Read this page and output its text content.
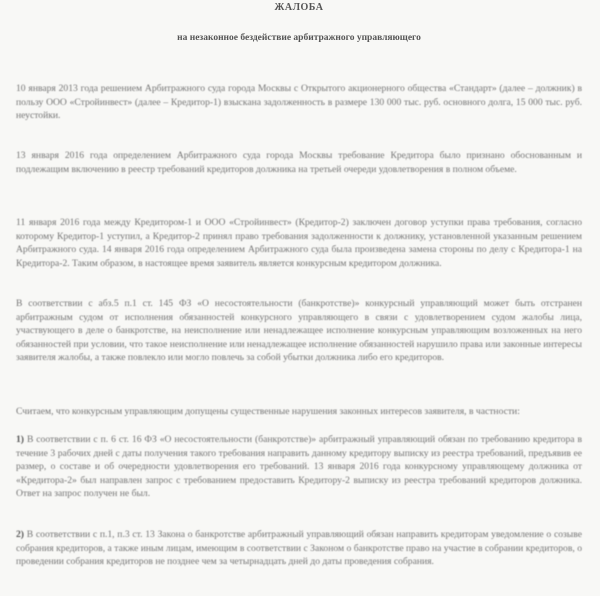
ЖАЛОБА
на незаконное бездействие арбитражного управляющего
10 января 2013 года решением Арбитражного суда города Москвы с Открытого акционерного общества «Стандарт» (далее – должник) в пользу ООО «Стройинвест» (далее – Кредитор-1) взыскана задолженность в размере 130 000 тыс. руб. основного долга, 15 000 тыс. руб. неустойки.
13 января 2016 года определением Арбитражного суда города Москвы требование Кредитора было признано обоснованным и подлежащим включению в реестр требований кредиторов должника на третьей очереди удовлетворения в полном объеме.
11 января 2016 года между Кредитором-1 и ООО «Стройинвест» (Кредитор-2) заключен договор уступки права требования, согласно которому Кредитор-1 уступил, а Кредитор-2 принял право требования задолженности к должнику, установленной указанным решением Арбитражного суда. 14 января 2016 года определением Арбитражного суда была произведена замена стороны по делу с Кредитора-1 на Кредитора-2. Таким образом, в настоящее время заявитель является конкурсным кредитором должника.
В соответствии с абз.5 п.1 ст. 145 ФЗ «О несостоятельности (банкротстве)» конкурсный управляющий может быть отстранен арбитражным судом от исполнения обязанностей конкурсного управляющего в связи с удовлетворением судом жалобы лица, участвующего в деле о банкротстве, на неисполнение или ненадлежащее исполнение конкурсным управляющим возложенных на него обязанностей при условии, что такое неисполнение или ненадлежащее исполнение обязанностей нарушило права или законные интересы заявителя жалобы, а также повлекло или могло повлечь за собой убытки должника либо его кредиторов.
Считаем, что конкурсным управляющим допущены существенные нарушения законных интересов заявителя, в частности:
1) В соответствии с п. 6 ст. 16 ФЗ «О несостоятельности (банкротстве)» арбитражный управляющий обязан по требованию кредитора в течение 3 рабочих дней с даты получения такого требования направить данному кредитору выписку из реестра требований, предъявив ее размер, о составе и об очередности удовлетворения его требований. 13 января 2016 года конкурсному управляющему должника от «Кредитора-2» был направлен запрос с требованием предоставить Кредитору-2 выписку из реестра требований кредиторов должника. Ответ на запрос получен не был.
2) В соответствии с п.1, п.3 ст. 13 Закона о банкротстве арбитражный управляющий обязан направить кредиторам уведомление о созыве собрания кредиторов, а также иным лицам, имеющим в соответствии с Законом о банкротстве право на участие в собрании кредиторов, о проведении собрания кредиторов не позднее чем за четырнадцать дней до даты проведения собрания.
